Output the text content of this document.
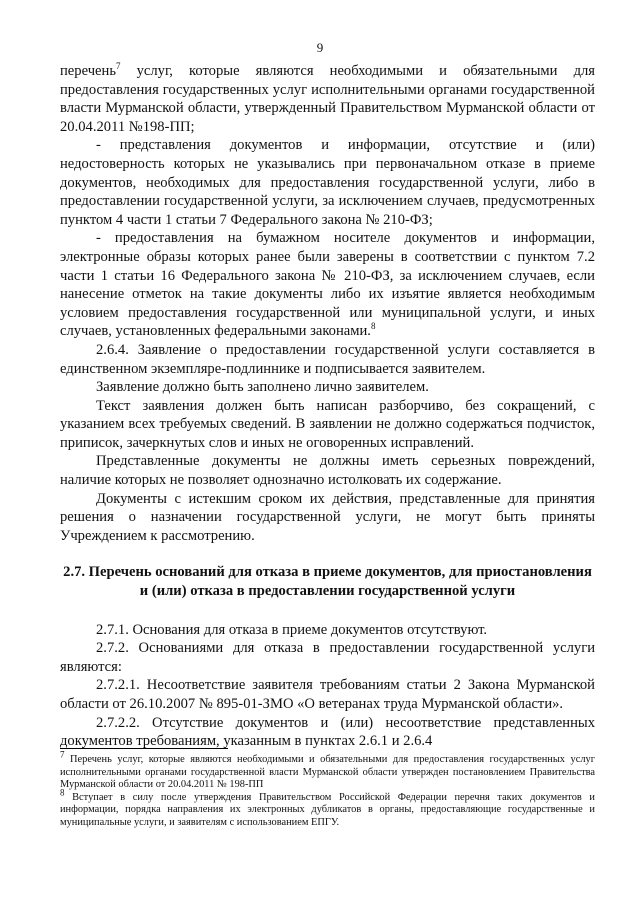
9

перечень$^7$ услуг, которые являются необходимыми и обязательными для предоставления государственных услуг исполнительными органами государственной власти Мурманской области, утвержденный Правительством Мурманской области от 20.04.2011 №198-ПП;

- представления документов и информации, отсутствие и (или) недостоверность которых не указывались при первоначальном отказе в приеме документов, необходимых для предоставления государственной услуги, либо в предоставлении государственной услуги, за исключением случаев, предусмотренных пунктом 4 части 1 статьи 7 Федерального закона № 210-ФЗ;

- предоставления на бумажном носителе документов и информации, электронные образы которых ранее были заверены в соответствии с пунктом 7.2 части 1 статьи 16 Федерального закона № 210-ФЗ, за исключением случаев, если нанесение отметок на такие документы либо их изъятие является необходимым условием предоставления государственной или муниципальной услуги, и иных случаев, установленных федеральными законами.$^8$

2.6.4. Заявление о предоставлении государственной услуги составляется в единственном экземпляре-подлиннике и подписывается заявителем.

Заявление должно быть заполнено лично заявителем.

Текст заявления должен быть написан разборчиво, без сокращений, с указанием всех требуемых сведений. В заявлении не должно содержаться подчисток, приписок, зачеркнутых слов и иных не оговоренных исправлений.

Представленные документы не должны иметь серьезных повреждений, наличие которых не позволяет однозначно истолковать их содержание.

Документы с истекшим сроком их действия, представленные для принятия решения о назначении государственной услуги, не могут быть приняты Учреждением к рассмотрению.

2.7. Перечень оснований для отказа в приеме документов, для приостановления и (или) отказа в предоставлении государственной услуги

2.7.1. Основания для отказа в приеме документов отсутствуют.

2.7.2. Основаниями для отказа в предоставлении государственной услуги являются:

2.7.2.1. Несоответствие заявителя требованиям статьи 2 Закона Мурманской области от 26.10.2007 № 895-01-ЗМО «О ветеранах труда Мурманской области».

2.7.2.2. Отсутствие документов и (или) несоответствие представленных документов требованиям, указанным в пунктах 2.6.1 и 2.6.4

$^7$ Перечень услуг, которые являются необходимыми и обязательными для предоставления государственных услуг исполнительными органами государственной власти Мурманской области утвержден постановлением Правительства Мурманской области от 20.04.2011 № 198-ПП

$^8$ Вступает в силу после утверждения Правительством Российской Федерации перечня таких документов и информации, порядка направления их электронных дубликатов в органы, предоставляющие государственные и муниципальные услуги, и заявителям с использованием ЕПГУ.
